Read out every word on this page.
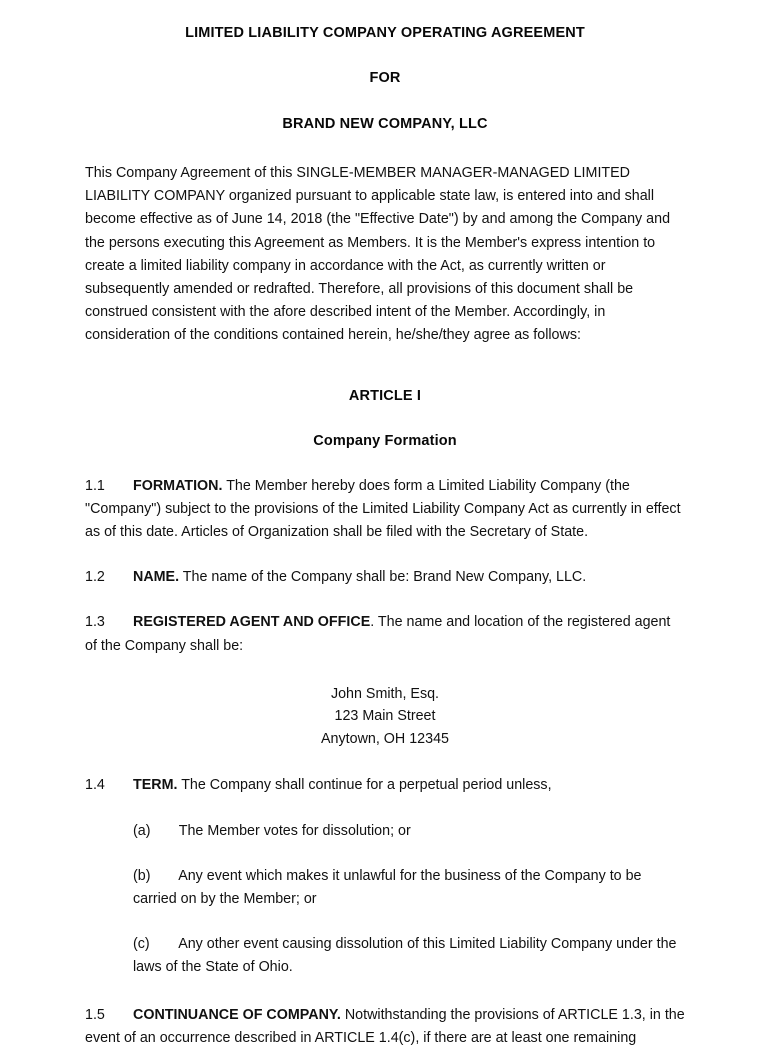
LIMITED LIABILITY COMPANY OPERATING AGREEMENT
FOR
BRAND NEW COMPANY, LLC

This Company Agreement of this SINGLE-MEMBER MANAGER-MANAGED LIMITED LIABILITY COMPANY organized pursuant to applicable state law, is entered into and shall become effective as of June 14, 2018 (the "Effective Date") by and among the Company and the persons executing this Agreement as Members. It is the Member's express intention to create a limited liability company in accordance with the Act, as currently written or subsequently amended or redrafted. Therefore, all provisions of this document shall be construed consistent with the afore described intent of the Member. Accordingly, in consideration of the conditions contained herein, he/she/they agree as follows:

ARTICLE I
Company Formation

1.1 FORMATION. The Member hereby does form a Limited Liability Company (the "Company") subject to the provisions of the Limited Liability Company Act as currently in effect as of this date. Articles of Organization shall be filed with the Secretary of State.

1.2 NAME. The name of the Company shall be: Brand New Company, LLC.

1.3 REGISTERED AGENT AND OFFICE. The name and location of the registered agent of the Company shall be:

John Smith, Esq.
123 Main Street
Anytown, OH 12345

1.4 TERM. The Company shall continue for a perpetual period unless,

(a) The Member votes for dissolution; or
(b) Any event which makes it unlawful for the business of the Company to be carried on by the Member; or
(c) Any other event causing dissolution of this Limited Liability Company under the laws of the State of Ohio.

1.5 CONTINUANCE OF COMPANY. Notwithstanding the provisions of ARTICLE 1.3, in the event of an occurrence described in ARTICLE 1.4(c), if there are at least one remaining
